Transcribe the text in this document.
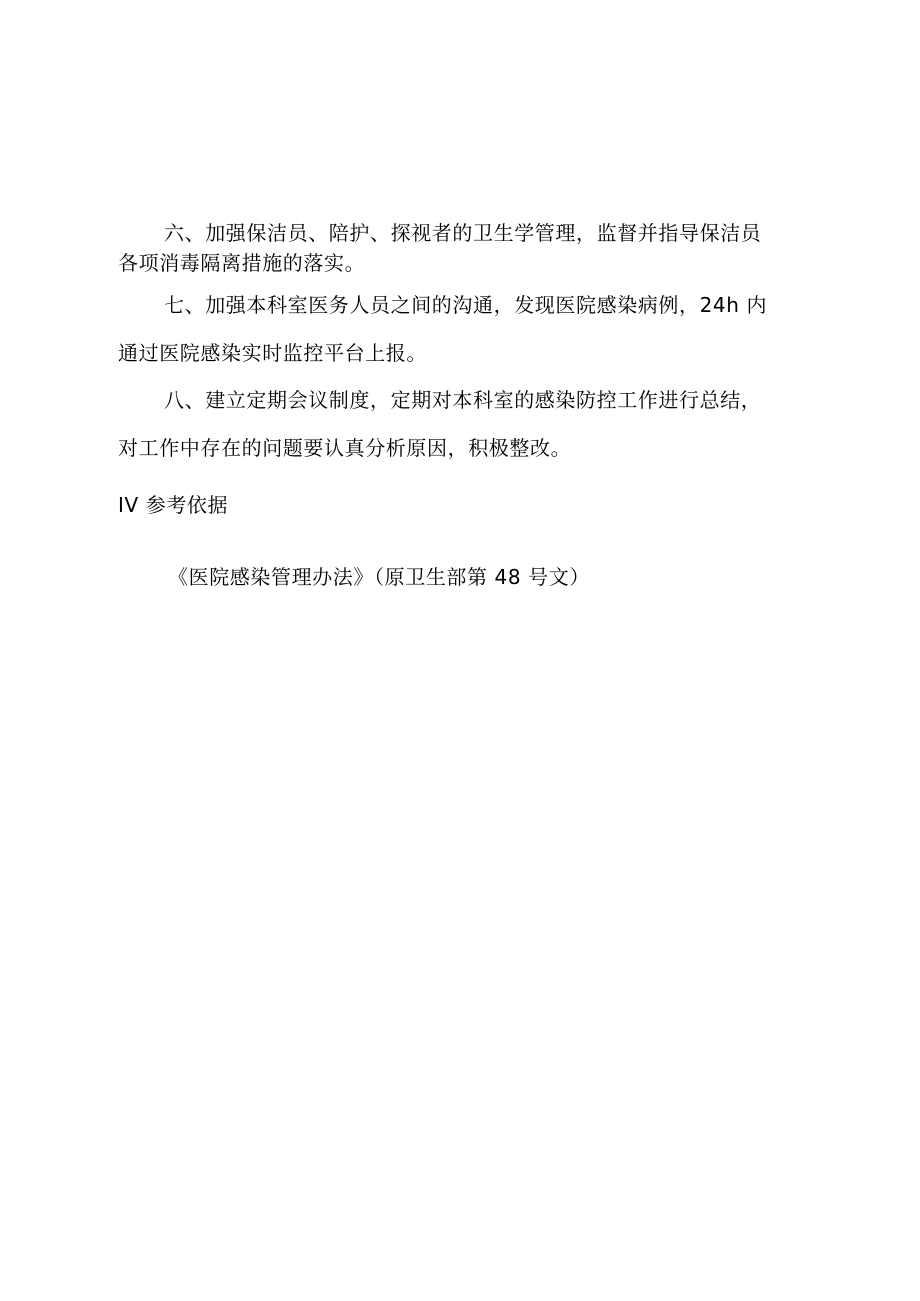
六、加强保洁员、陪护、探视者的卫生学管理，监督并指导保洁员
各项消毒隔离措施的落实。
七、加强本科室医务人员之间的沟通，发现医院感染病例，24h 内
通过医院感染实时监控平台上报。
八、建立定期会议制度，定期对本科室的感染防控工作进行总结，
对工作中存在的问题要认真分析原因，积极整改。
IV 参考依据

《医院感染管理办法》（原卫生部第 48 号文）
